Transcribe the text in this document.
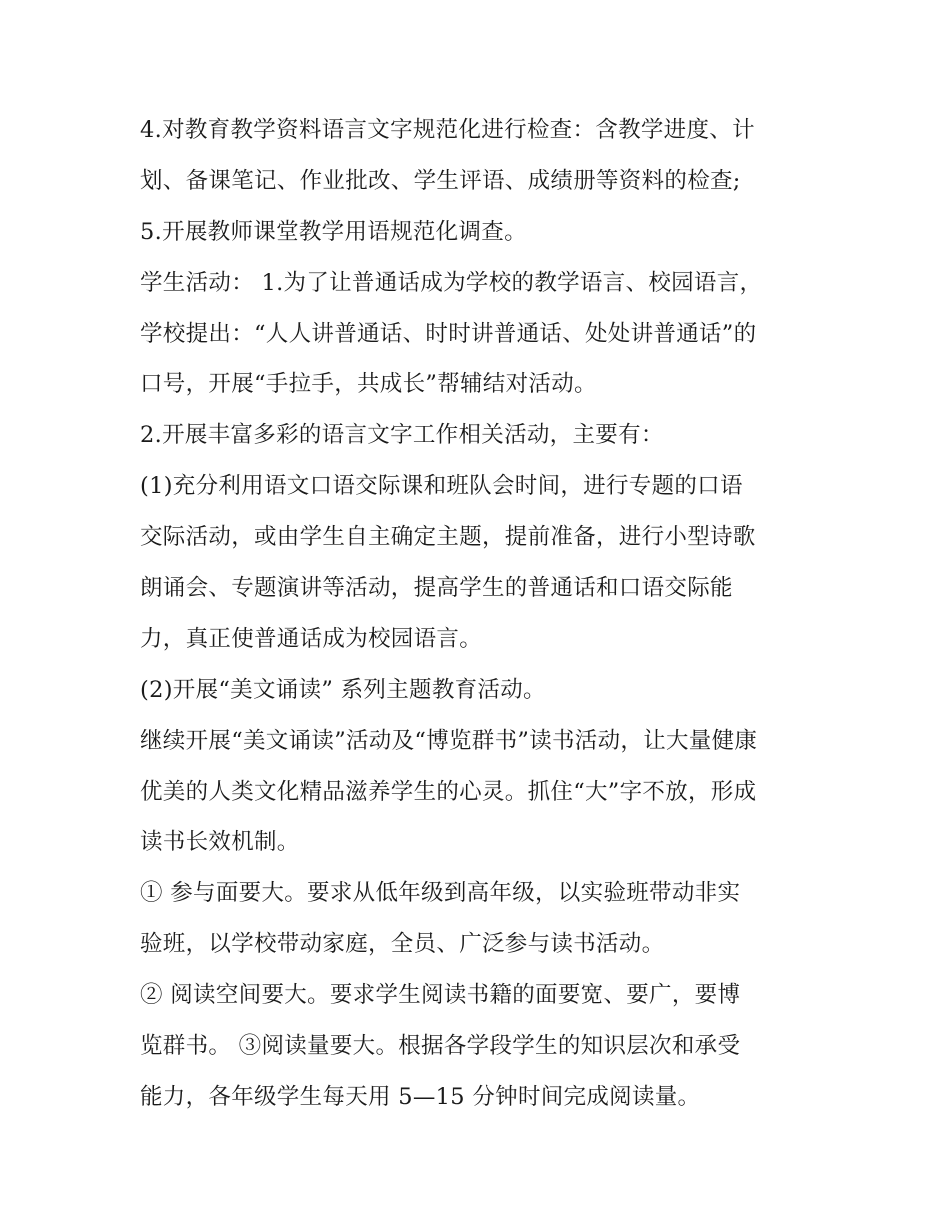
4.对教育教学资料语言文字规范化进行检查：含教学进度、计

划、备课笔记、作业批改、学生评语、成绩册等资料的检查;

5.开展教师课堂教学用语规范化调查。

学生活动： 1.为了让普通话成为学校的教学语言、校园语言，

学校提出：“人人讲普通话、时时讲普通话、处处讲普通话”的

口号，开展“手拉手，共成长”帮辅结对活动。

2.开展丰富多彩的语言文字工作相关活动，主要有：

(1)充分利用语文口语交际课和班队会时间，进行专题的口语

交际活动，或由学生自主确定主题，提前准备，进行小型诗歌

朗诵会、专题演讲等活动，提高学生的普通话和口语交际能

力，真正使普通话成为校园语言。

(2)开展“美文诵读” 系列主题教育活动。

继续开展“美文诵读”活动及“博览群书”读书活动，让大量健康

优美的人类文化精品滋养学生的心灵。抓住“大”字不放，形成

读书长效机制。

① 参与面要大。要求从低年级到高年级，以实验班带动非实

验班，以学校带动家庭，全员、广泛参与读书活动。

② 阅读空间要大。要求学生阅读书籍的面要宽、要广，要博

览群书。 ③阅读量要大。根据各学段学生的知识层次和承受

能力，各年级学生每天用 5—15 分钟时间完成阅读量。
